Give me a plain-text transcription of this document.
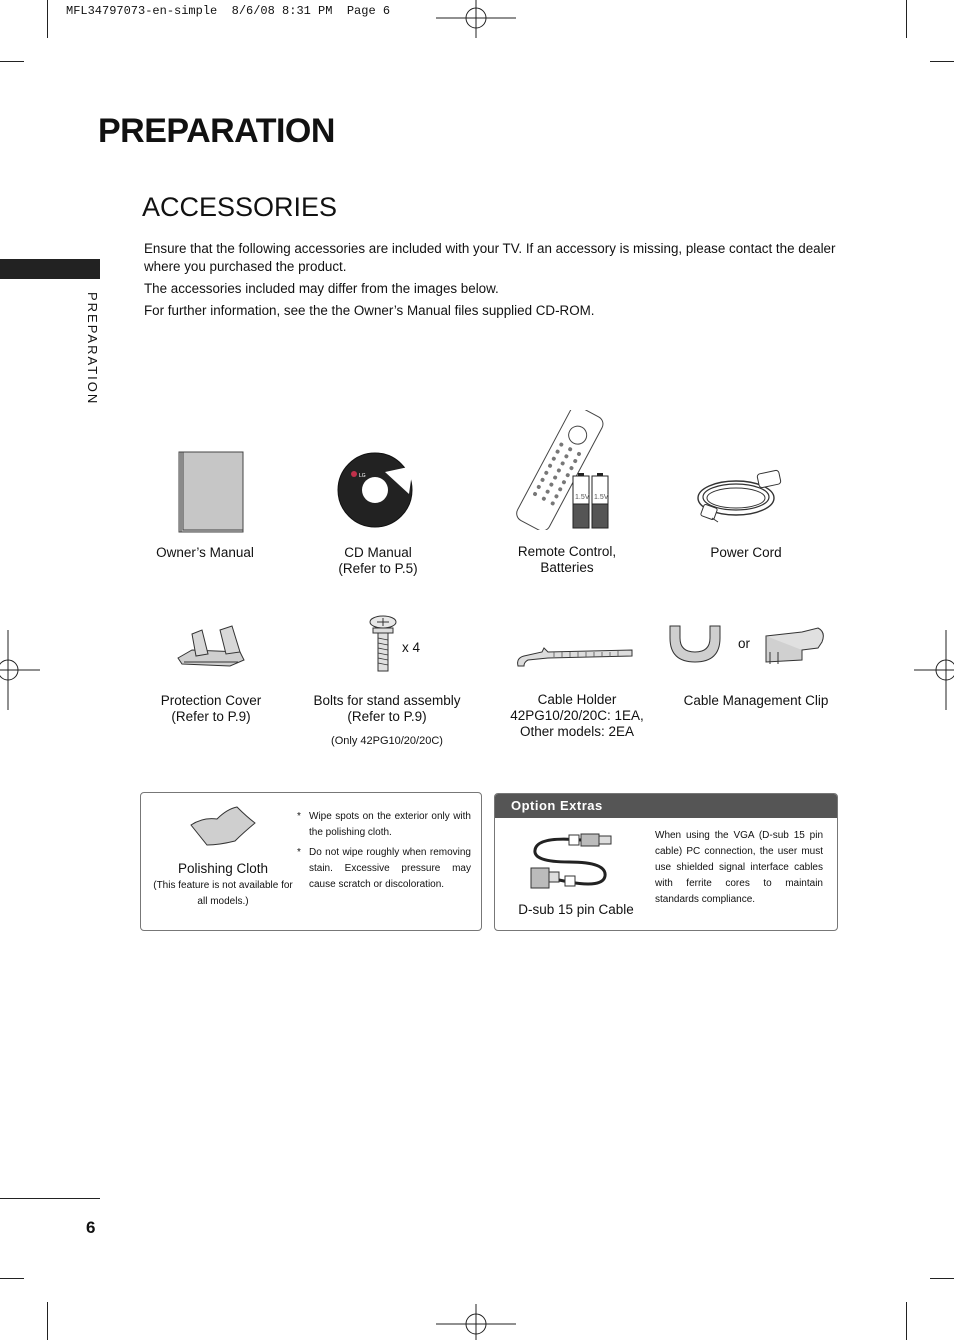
MFL34797073-en-simple  8/6/08 8:31 PM  Page 6
PREPARATION
ACCESSORIES
PREPARATION

Ensure that the following accessories are included with your TV. If an accessory is missing, please contact the dealer where you purchased the product.

The accessories included may differ from the images below.

For further information, see the the Owner’s Manual files supplied CD-ROM.

Owner’s Manual
LG
CD Manual
(Refer to P.5)
1.5V 1.5V
Remote Control,
Batteries
Power Cord
Protection Cover
(Refer to P.9)
x 4
Bolts for stand assembly
(Refer to P.9)
(Only 42PG10/20/20C)
Cable Holder
42PG10/20/20C: 1EA,
Other models: 2EA
or
Cable Management Clip
Polishing Cloth
(This feature is not available for all models.)
* Wipe spots on the exterior only with the polishing cloth.
* Do not wipe roughly when removing stain. Excessive pressure may cause scratch or discoloration.
Option Extras
D-sub 15 pin Cable
When using the VGA (D-sub 15 pin cable) PC connection, the user must use shielded signal interface cables with ferrite cores to maintain standards compliance.
6
